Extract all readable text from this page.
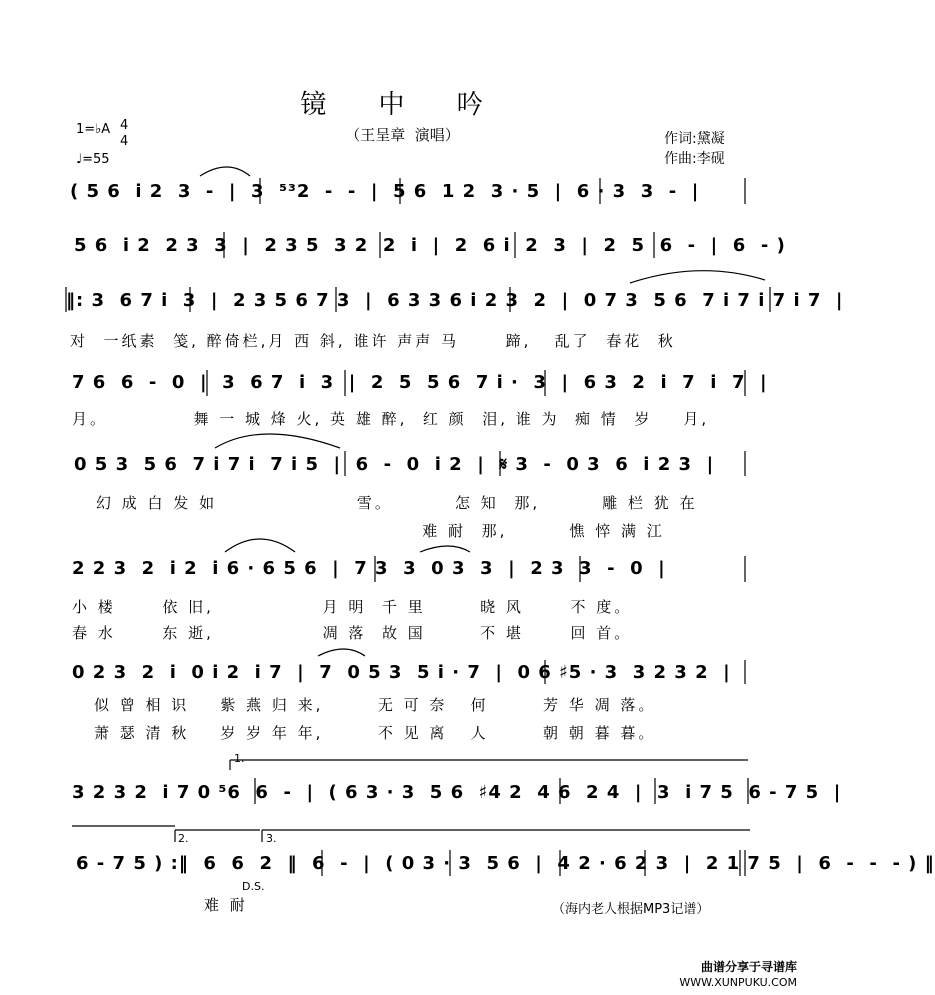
镜 中 吟
（王呈章  演唱）
1=♭A 4
4
♩=55
作词:黛凝
作曲:李砚
( 5 6  i 2  3  -  |  3  ⁵³2  -  -  |  5 6  1 2  3 · 5  |  6 · 3  3  -  |
5 6  i 2  2 3  3  |  2 3 5  3 2  2  i  |  2  6 i  2  3  |  2  5  6  -  |  6  - )
‖: 3  6 7 i  3  |  2 3 5 6 7 3  |  6 3 3 6 i 2 3  2  |  0 7 3  5 6  7 i 7 i 7 i 7  |
对  一纸素  笺, 醉倚栏,月 西 斜, 谁许 声声 马      蹄,   乱了  春花  秋
7 6  6  -  0  |  3  6 7  i  3  |  2  5  5 6  7 i ·  3  |  6 3  2  i  7  i  7  |
月。           舞 一 城 烽 火, 英 雄 醉,  红 颜  泪, 谁 为  痴 情  岁    月,
0 5 3  5 6  7 i 7 i  7 i 5  |  6  -  0  i 2  |  𝄋 3  -  0 3  6  i 2 3  |
幻 成 白 发 如                  雪。        怎 知  那,        雕 栏 犹 在
难 耐  那,        憔 悴 满 江
2 2 3  2  i 2  i 6 · 6 5 6  |  7 3  3  0 3  3  |  2 3  3  -  0  |
小 楼      依 旧,              月 明  千 里       晓 风      不 度。
春 水      东 逝,              凋 落  故 国       不 堪      回 首。
0 2 3  2  i  0 i 2  i 7  |  7  0 5 3  5 i · 7  |  0 6 ♯5 · 3  3 2 3 2  |
似 曾 相 识    紫 燕 归 来,       无 可 奈   何       芳 华 凋 落。
萧 瑟 清 秋    岁 岁 年 年,       不 见 离   人       朝 朝 暮 暮。
1.
3 2 3 2  i 7 0 ⁵6  6  -  |  ( 6 3 · 3  5 6  ♯4 2  4 6  2 4  |  3  i 7 5  6 - 7 5  |
2.	3.
6 - 7 5 ) :‖  6  6  2  ‖  6  -  |  ( 0 3 · 3  5 6  |  4 2 · 6 2 3  |  2 1 7 5  |  6  -  -  - ) ‖
D.S.
难 耐	（海内老人根据MP3记谱）
曲谱分享于寻谱库
WWW.XUNPUKU.COM
